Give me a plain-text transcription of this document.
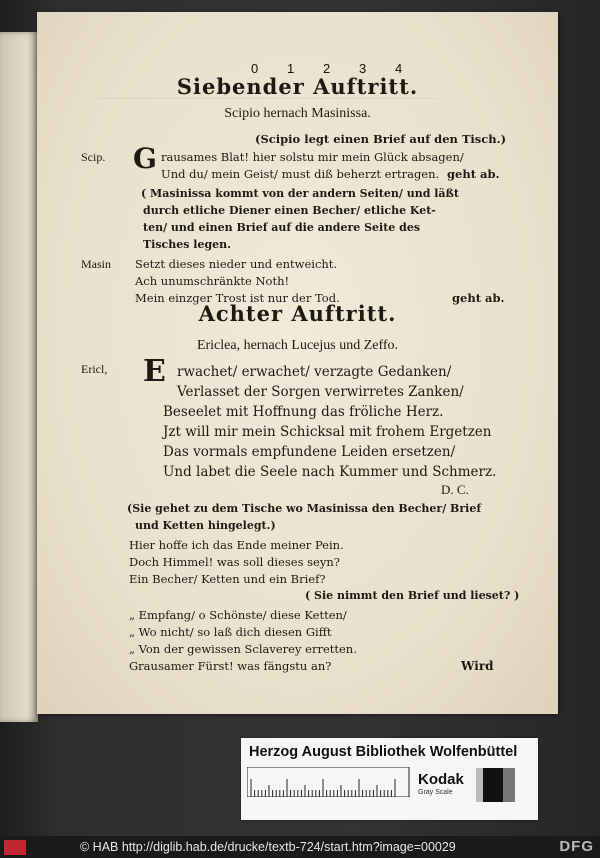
Siebender Auftritt.
Scipio hernach Masinissa.
(Scipio legt einen Brief auf den Tisch.)
Scip. G rausames Blat! hier solstu mir mein Glück absagen/
Und du/ mein Geist/ must diß beherzt ertragen. geht ab.
( Masinissa kommt von der andern Seiten/ und läßt
durch etliche Diener einen Becher/ etliche Ket-
ten/ und einen Brief auf die andere Seite des
Tisches legen.
Masin Setzt dieses nieder und entweicht.
Ach unumschränkte Noth!
Mein einzger Trost ist nur der Tod.	geht ab.
Achter Auftritt.
Ericlea, hernach Lucejus und Zeffo.
Ericl, E rwachet/ erwachet/ verzagte Gedanken/
Verlasset der Sorgen verwirretes Zanken/
Beseelet mit Hoffnung das fröliche Herz.
Jzt will mir mein Schicksal mit frohem Ergetzen
Das vormals empfundene Leiden ersetzen/
Und labet die Seele nach Kummer und Schmerz.
D. C.
(Sie gehet zu dem Tische wo Masinissa den Becher/ Brief
und Ketten hingelegt.)
Hier hoffe ich das Ende meiner Pein.
Doch Himmel! was soll dieses seyn?
Ein Becher/ Ketten und ein Brief?
( Sie nimmt den Brief und lieset? )
„ Empfang/ o Schönste/ diese Ketten/
„ Wo nicht/ so laß dich diesen Gifft
„ Von der gewissen Sclaverey erretten.
Grausamer Fürst! was fängstu an?	Wird
Herzog August Bibliothek Wolfenbüttel
Kodak
Gray Scale
0 1 2 3 4
© HAB http://diglib.hab.de/drucke/textb-724/start.htm?image=00029	DFG
